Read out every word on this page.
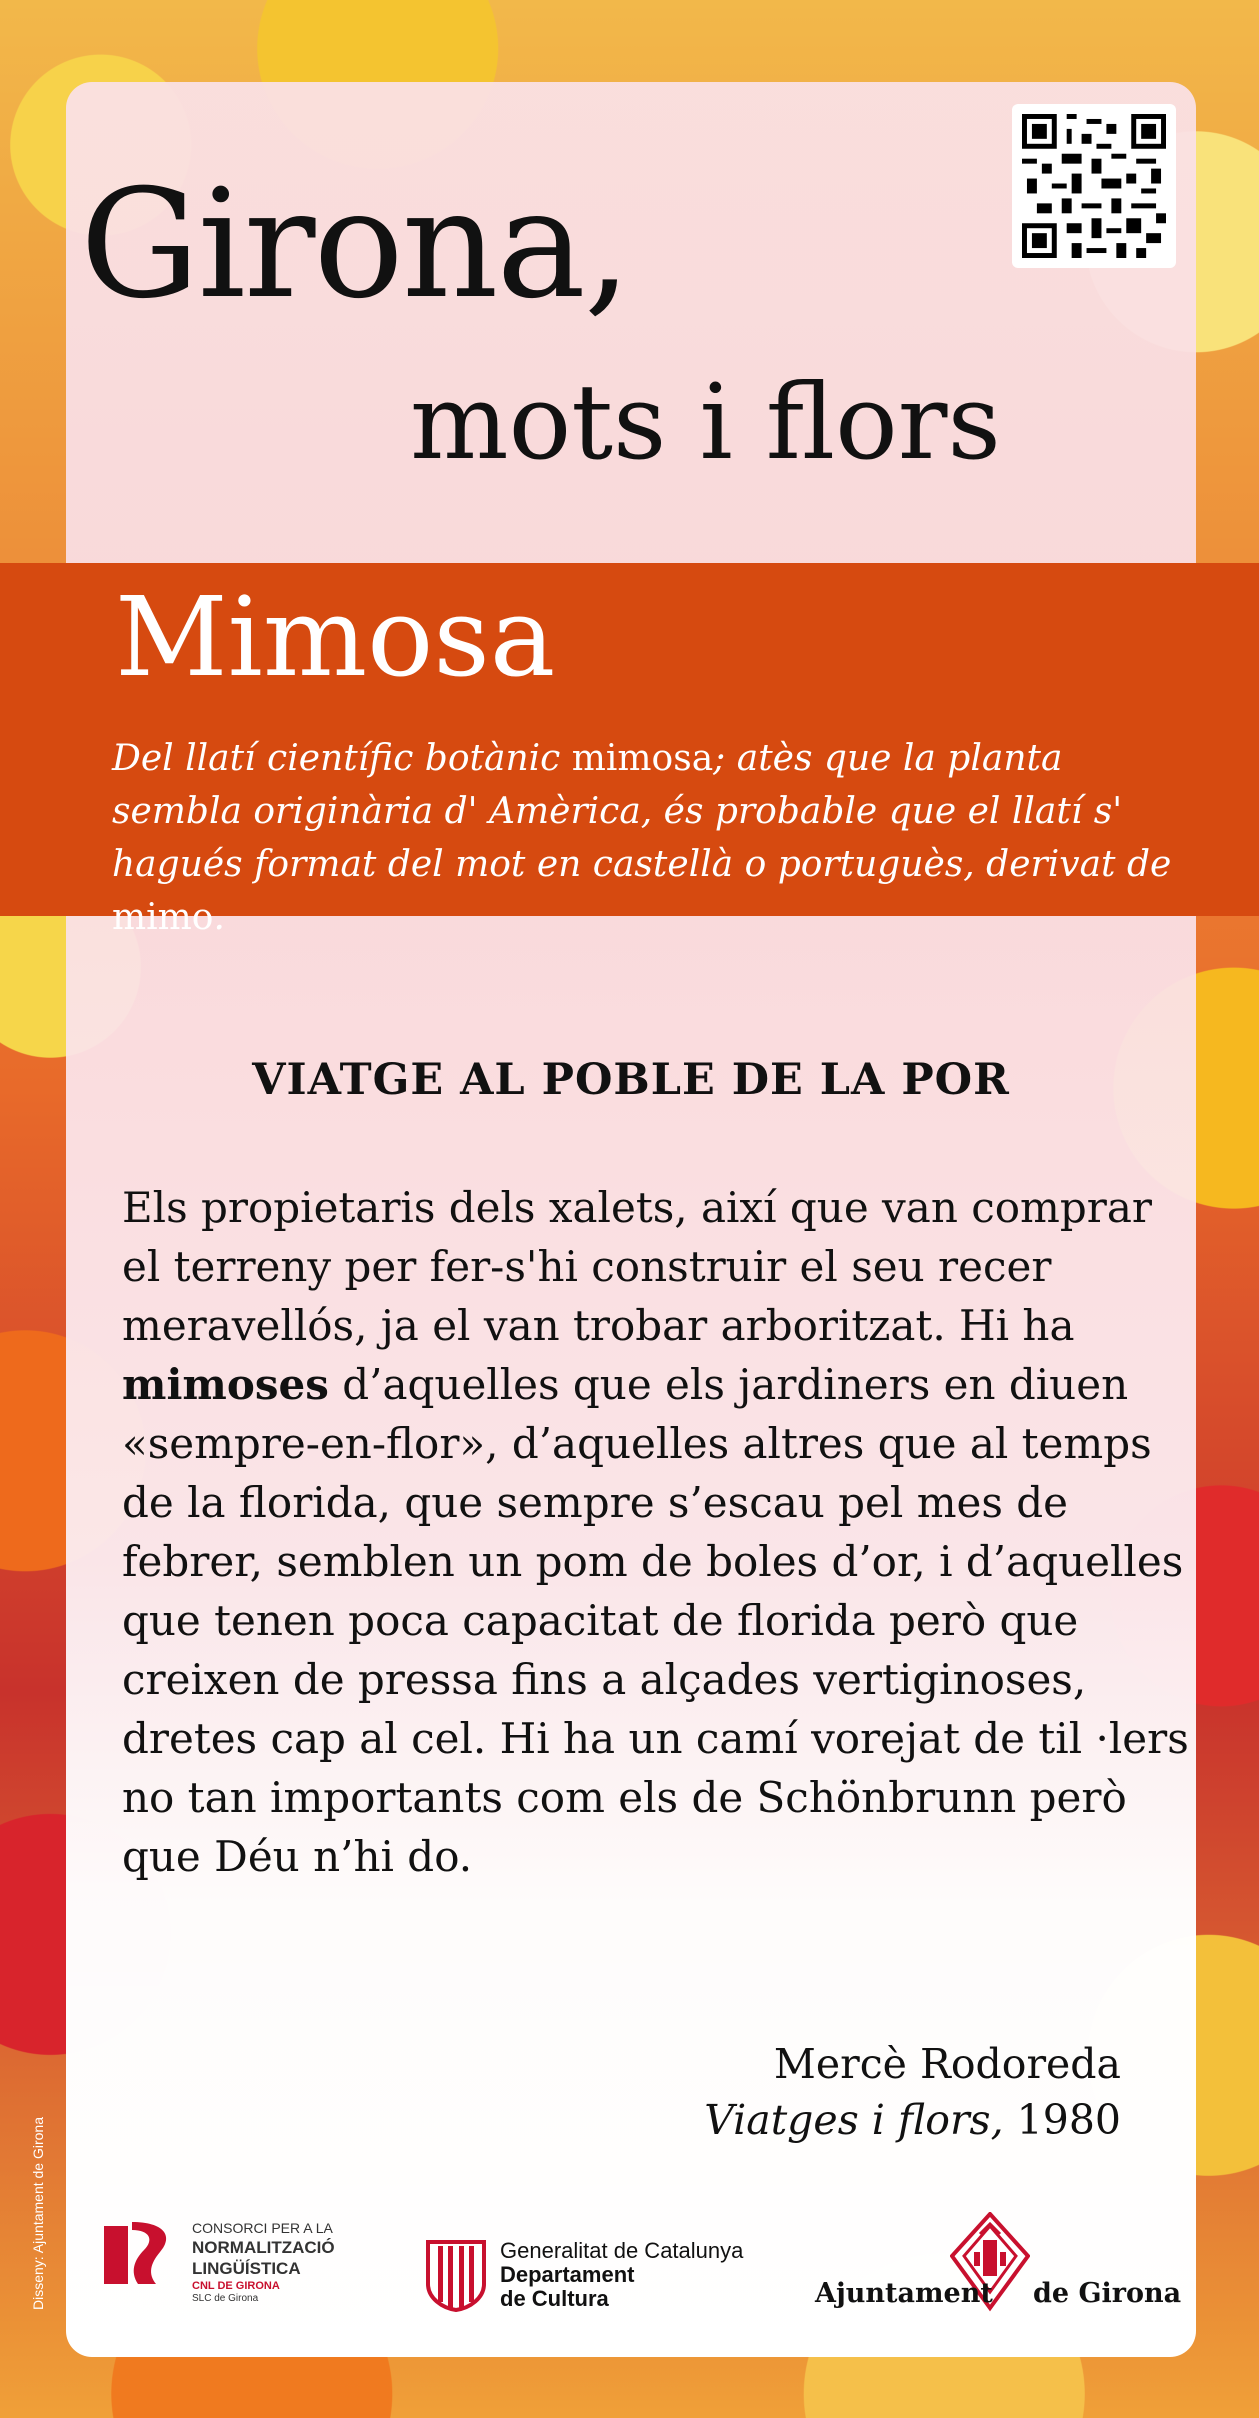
Girona,
mots i flors
Mimosa
Del llatí científic botànic mimosa; atès que la planta sembla originària d' Amèrica, és probable que el llatí s' hagués format del mot en castellà o portuguès, derivat de mimo.
VIATGE AL POBLE DE LA POR
Els propietaris dels xalets, així que van comprar el terreny per fer-s'hi construir el seu recer meravellós, ja el van trobar arboritzat. Hi ha mimoses d’aquelles que els jardiners en diuen «sempre-en-flor», d’aquelles altres que al temps de la florida, que sempre s’escau pel mes de febrer, semblen un pom de boles d’or, i d’aquelles que tenen poca capacitat de florida però que creixen de pressa fins a alçades vertiginoses, dretes cap al cel. Hi ha un camí vorejat de til ·lers no tan importants com els de Schönbrunn però que Déu n’hi do.
Mercè Rodoreda
Viatges i flors, 1980
Disseny: Ajuntament de Girona	CONSORCI PER A LA
NORMALITZACIÓ
LINGÜÍSTICA
CNL DE GIRONA
SLC de Girona
Generalitat de Catalunya
Departament
de Cultura	Ajuntament de Girona
